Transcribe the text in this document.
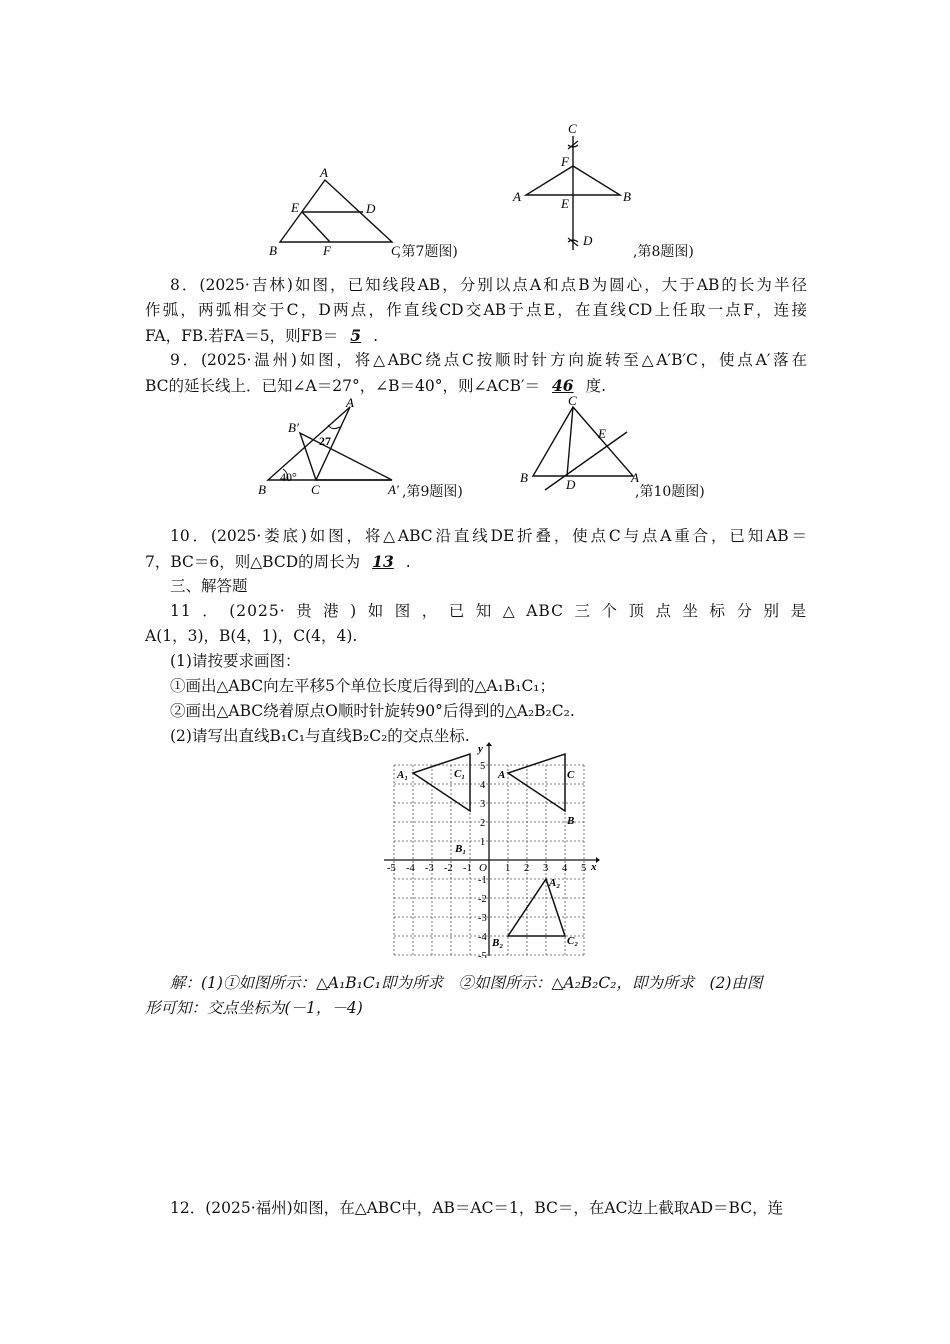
A
B	C
D
E
F	,第7题图)
C
F
A	B
E
D
,第8题图)
8．(2025·吉林)如图，已知线段AB，分别以点A和点B为圆心，大于AB的长为半径
作弧，两弧相交于C，D两点，作直线CD交AB于点E，在直线CD上任取一点F，连接
FA，FB.若FA＝5，则FB＝ 5 .
9．(2025·温州)如图，将△ABC绕点C按顺时针方向旋转至△A′B′C，使点A′落在
BC的延长线上．已知∠A＝27°，∠B＝40°，则∠ACB′＝ 46 度.
A
B′
27
40°
B	C	A′ ,第9题图)
C
E
B	D	A
,第10题图)
10．(2025·娄底)如图，将△ABC沿直线DE折叠，使点C与点A重合，已知AB＝
7，BC＝6，则△BCD的周长为 13 .
三、解答题
11．(2025·贵港)如图，已知△ABC三个顶点坐标分别是
A(1，3)，B(4，1)，C(4，4).
(1)请按要求画图：
①画出△ABC向左平移5个单位长度后得到的△A₁B₁C₁；
②画出△ABC绕着原点O顺时针旋转90°后得到的△A₂B₂C₂.
(2)请写出直线B₁C₁与直线B₂C₂的交点坐标.
x
y
O
-5 -4 -3 -2 -1	1 2 3 4 5
5
4
3
2
1
-1
-2
-3
-4
-5
A
B
C
A₁
B₁
C₁
A₂
B₂	C₂
解：(1)①如图所示：△A₁B₁C₁即为所求　②如图所示：△A₂B₂C₂，即为所求　(2)由图
形可知：交点坐标为(－1，－4)
12．(2025·福州)如图，在△ABC中，AB＝AC＝1，BC＝，在AC边上截取AD＝BC，连
